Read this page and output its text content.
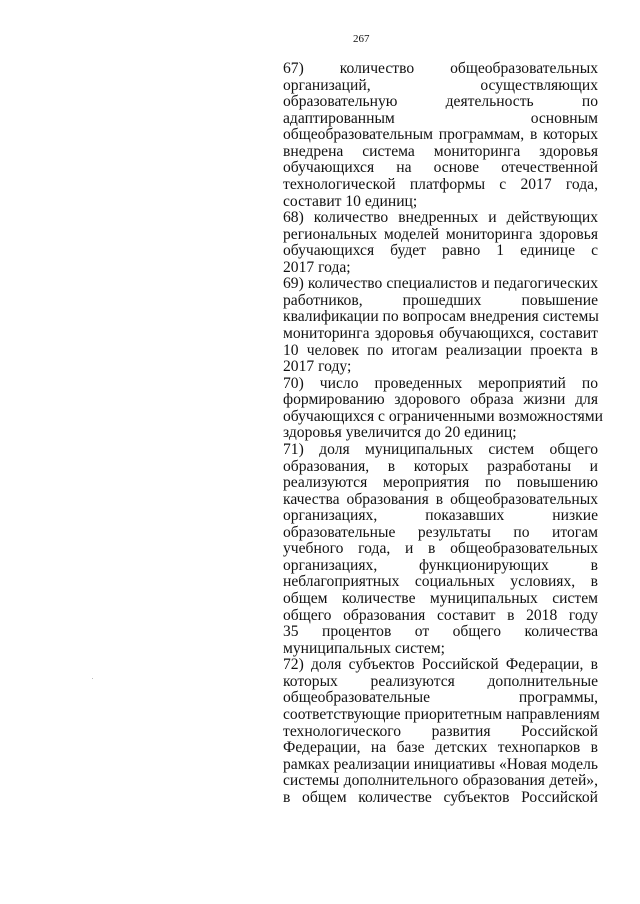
267
67) количество общеобразовательных
организаций, осуществляющих
образовательную деятельность по
адаптированным основным
общеобразовательным программам, в которых
внедрена система мониторинга здоровья
обучающихся на основе отечественной
технологической платформы с 2017 года,
составит 10 единиц;
68) количество внедренных и действующих
региональных моделей мониторинга здоровья
обучающихся будет равно 1 единице с
2017 года;
69) количество специалистов и педагогических
работников, прошедших повышение
квалификации по вопросам внедрения системы
мониторинга здоровья обучающихся, составит
10 человек по итогам реализации проекта в
2017 году;
70) число проведенных мероприятий по
формированию здорового образа жизни для
обучающихся с ограниченными возможностями
здоровья увеличится до 20 единиц;
71) доля муниципальных систем общего
образования, в которых разработаны и
реализуются мероприятия по повышению
качества образования в общеобразовательных
организациях, показавших низкие
образовательные результаты по итогам
учебного года, и в общеобразовательных
организациях, функционирующих в
неблагоприятных социальных условиях, в
общем количестве муниципальных систем
общего образования составит в 2018 году
35 процентов от общего количества
муниципальных систем;
72) доля субъектов Российской Федерации, в
которых реализуются дополнительные
общеобразовательные программы,
соответствующие приоритетным направлениям
технологического развития Российской
Федерации, на базе детских технопарков в
рамках реализации инициативы «Новая модель
системы дополнительного образования детей»,
в общем количестве субъектов Российской
